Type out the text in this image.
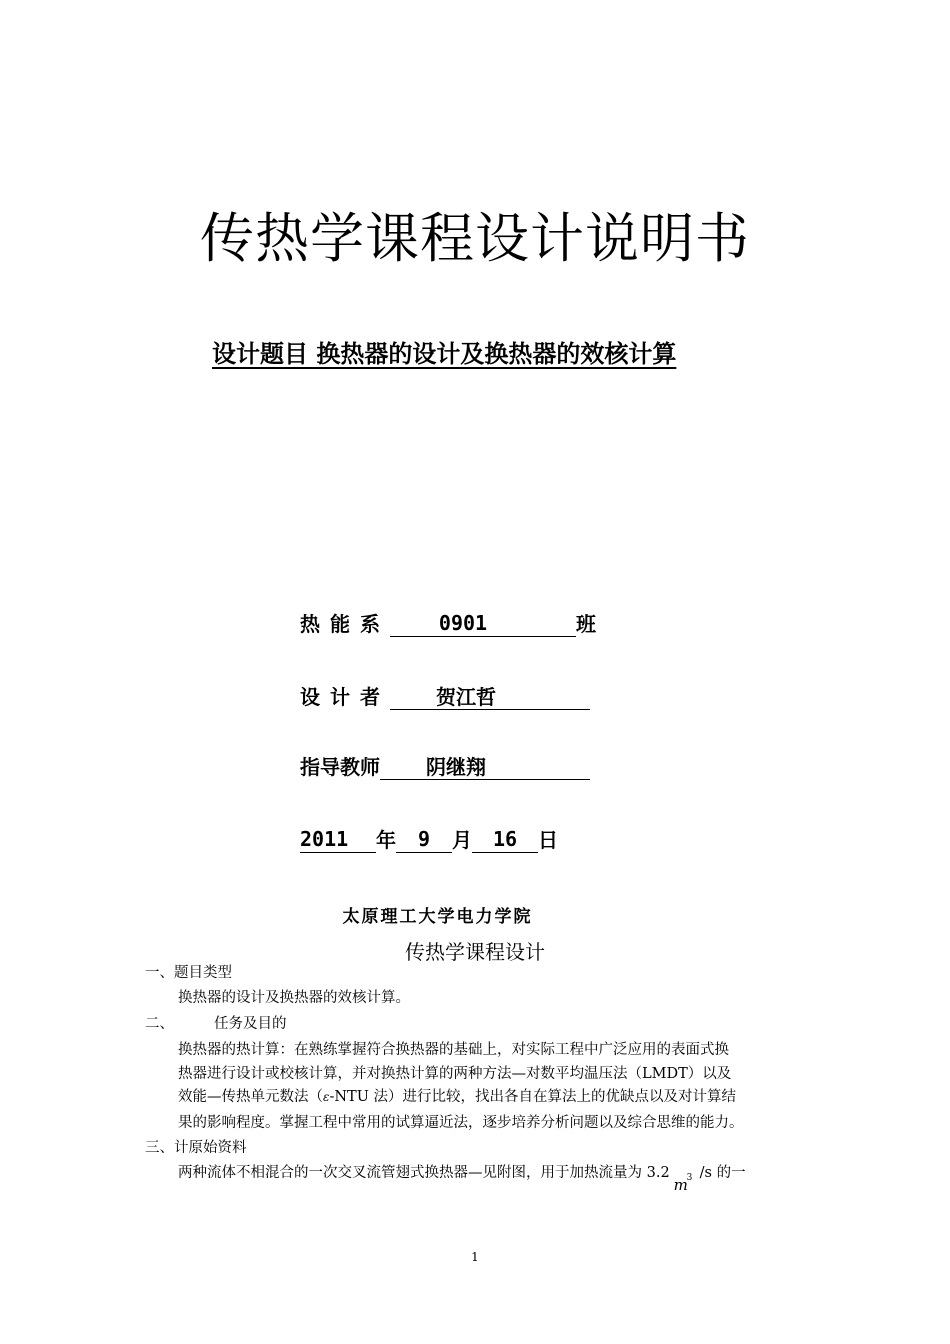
传热学课程设计说明书
设计题目 换热器的设计及换热器的效核计算
热能系 0901	班
设计者 贺江哲
指导教师 阴继翔
2011 年 9 月 16 日
太原理工大学电力学院
传热学课程设计
一、题目类型
换热器的设计及换热器的效核计算。
二、	任务及目的
换热器的热计算：在熟练掌握符合换热器的基础上，对实际工程中广泛应用的表面式换
热器进行设计或校核计算，并对换热计算的两种方法—对数平均温压法（LMDT）以及
效能—传热单元数法（ε-NTU 法）进行比较，找出各自在算法上的优缺点以及对计算结
果的影响程度。掌握工程中常用的试算逼近法，逐步培养分析问题以及综合思维的能力。
三、计原始资料
两种流体不相混合的一次交叉流管翅式换热器—见附图，用于加热流量为 3.2
m
3 /s 的一
1
